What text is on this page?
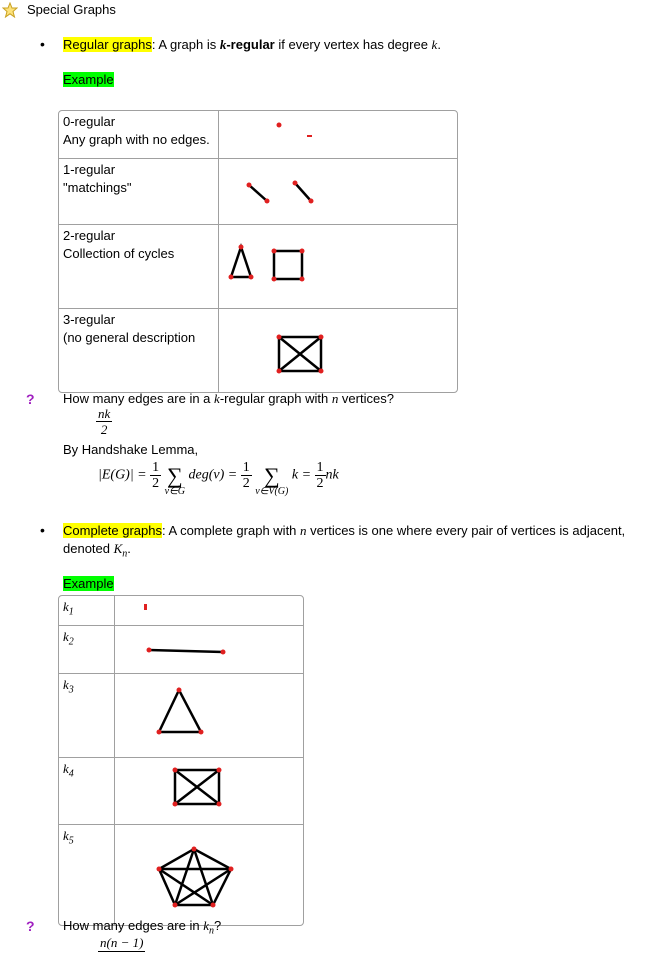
Special Graphs
• Regular graphs: A graph is k-regular if every vertex has degree k.
Example
0-regular
Any graph with no edges.

1-regular
"matchings"

2-regular
Collection of cycles

3-regular
(no general description

? How many edges are in a k-regular graph with n vertices?
$\frac{nk}{2}$
By Handshake Lemma,
$|E(G)| = \frac{1}{2}$
∑
v∈G
$deg(v) = \frac{1}{2}$
∑
v∈V(G)
$k = \frac{1}{2}$ nk
• Complete graphs: A complete graph with n vertices is one where every pair of vertices is adjacent,
denoted $K_n$.
Example
$k_1$	
$k_2$	
$k_3$	
$k_4$	
$k_5$	
? How many edges are in $k_n$?
n(n − 1)
